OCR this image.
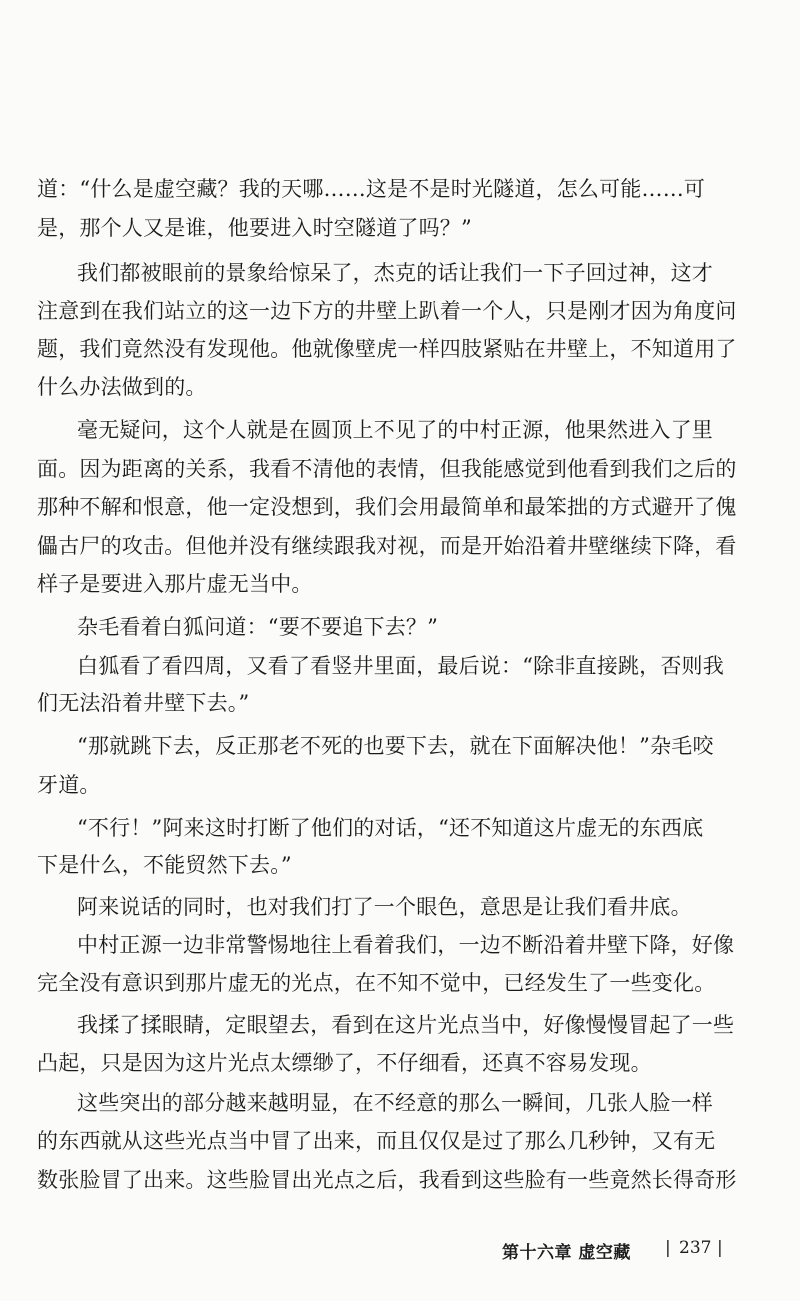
道：“什么是虚空藏？我的天哪……这是不是时光隧道，怎么可能……可
是，那个人又是谁，他要进入时空隧道了吗？”
我们都被眼前的景象给惊呆了，杰克的话让我们一下子回过神，这才
注意到在我们站立的这一边下方的井壁上趴着一个人，只是刚才因为角度问
题，我们竟然没有发现他。他就像壁虎一样四肢紧贴在井壁上，不知道用了
什么办法做到的。
毫无疑问，这个人就是在圆顶上不见了的中村正源，他果然进入了里
面。因为距离的关系，我看不清他的表情，但我能感觉到他看到我们之后的
那种不解和恨意，他一定没想到，我们会用最简单和最笨拙的方式避开了傀
儡古尸的攻击。但他并没有继续跟我对视，而是开始沿着井壁继续下降，看
样子是要进入那片虚无当中。
杂毛看着白狐问道：“要不要追下去？”
白狐看了看四周，又看了看竖井里面，最后说：“除非直接跳，否则我
们无法沿着井壁下去。”
“那就跳下去，反正那老不死的也要下去，就在下面解决他！”杂毛咬
牙道。
“不行！”阿来这时打断了他们的对话，“还不知道这片虚无的东西底
下是什么，不能贸然下去。”
阿来说话的同时，也对我们打了一个眼色，意思是让我们看井底。
中村正源一边非常警惕地往上看着我们，一边不断沿着井壁下降，好像
完全没有意识到那片虚无的光点，在不知不觉中，已经发生了一些变化。
我揉了揉眼睛，定眼望去，看到在这片光点当中，好像慢慢冒起了一些
凸起，只是因为这片光点太缥缈了，不仔细看，还真不容易发现。
这些突出的部分越来越明显，在不经意的那么一瞬间，几张人脸一样
的东西就从这些光点当中冒了出来，而且仅仅是过了那么几秒钟，又有无
数张脸冒了出来。这些脸冒出光点之后，我看到这些脸有一些竟然长得奇形
第十六章 虚空藏 | 237 |
